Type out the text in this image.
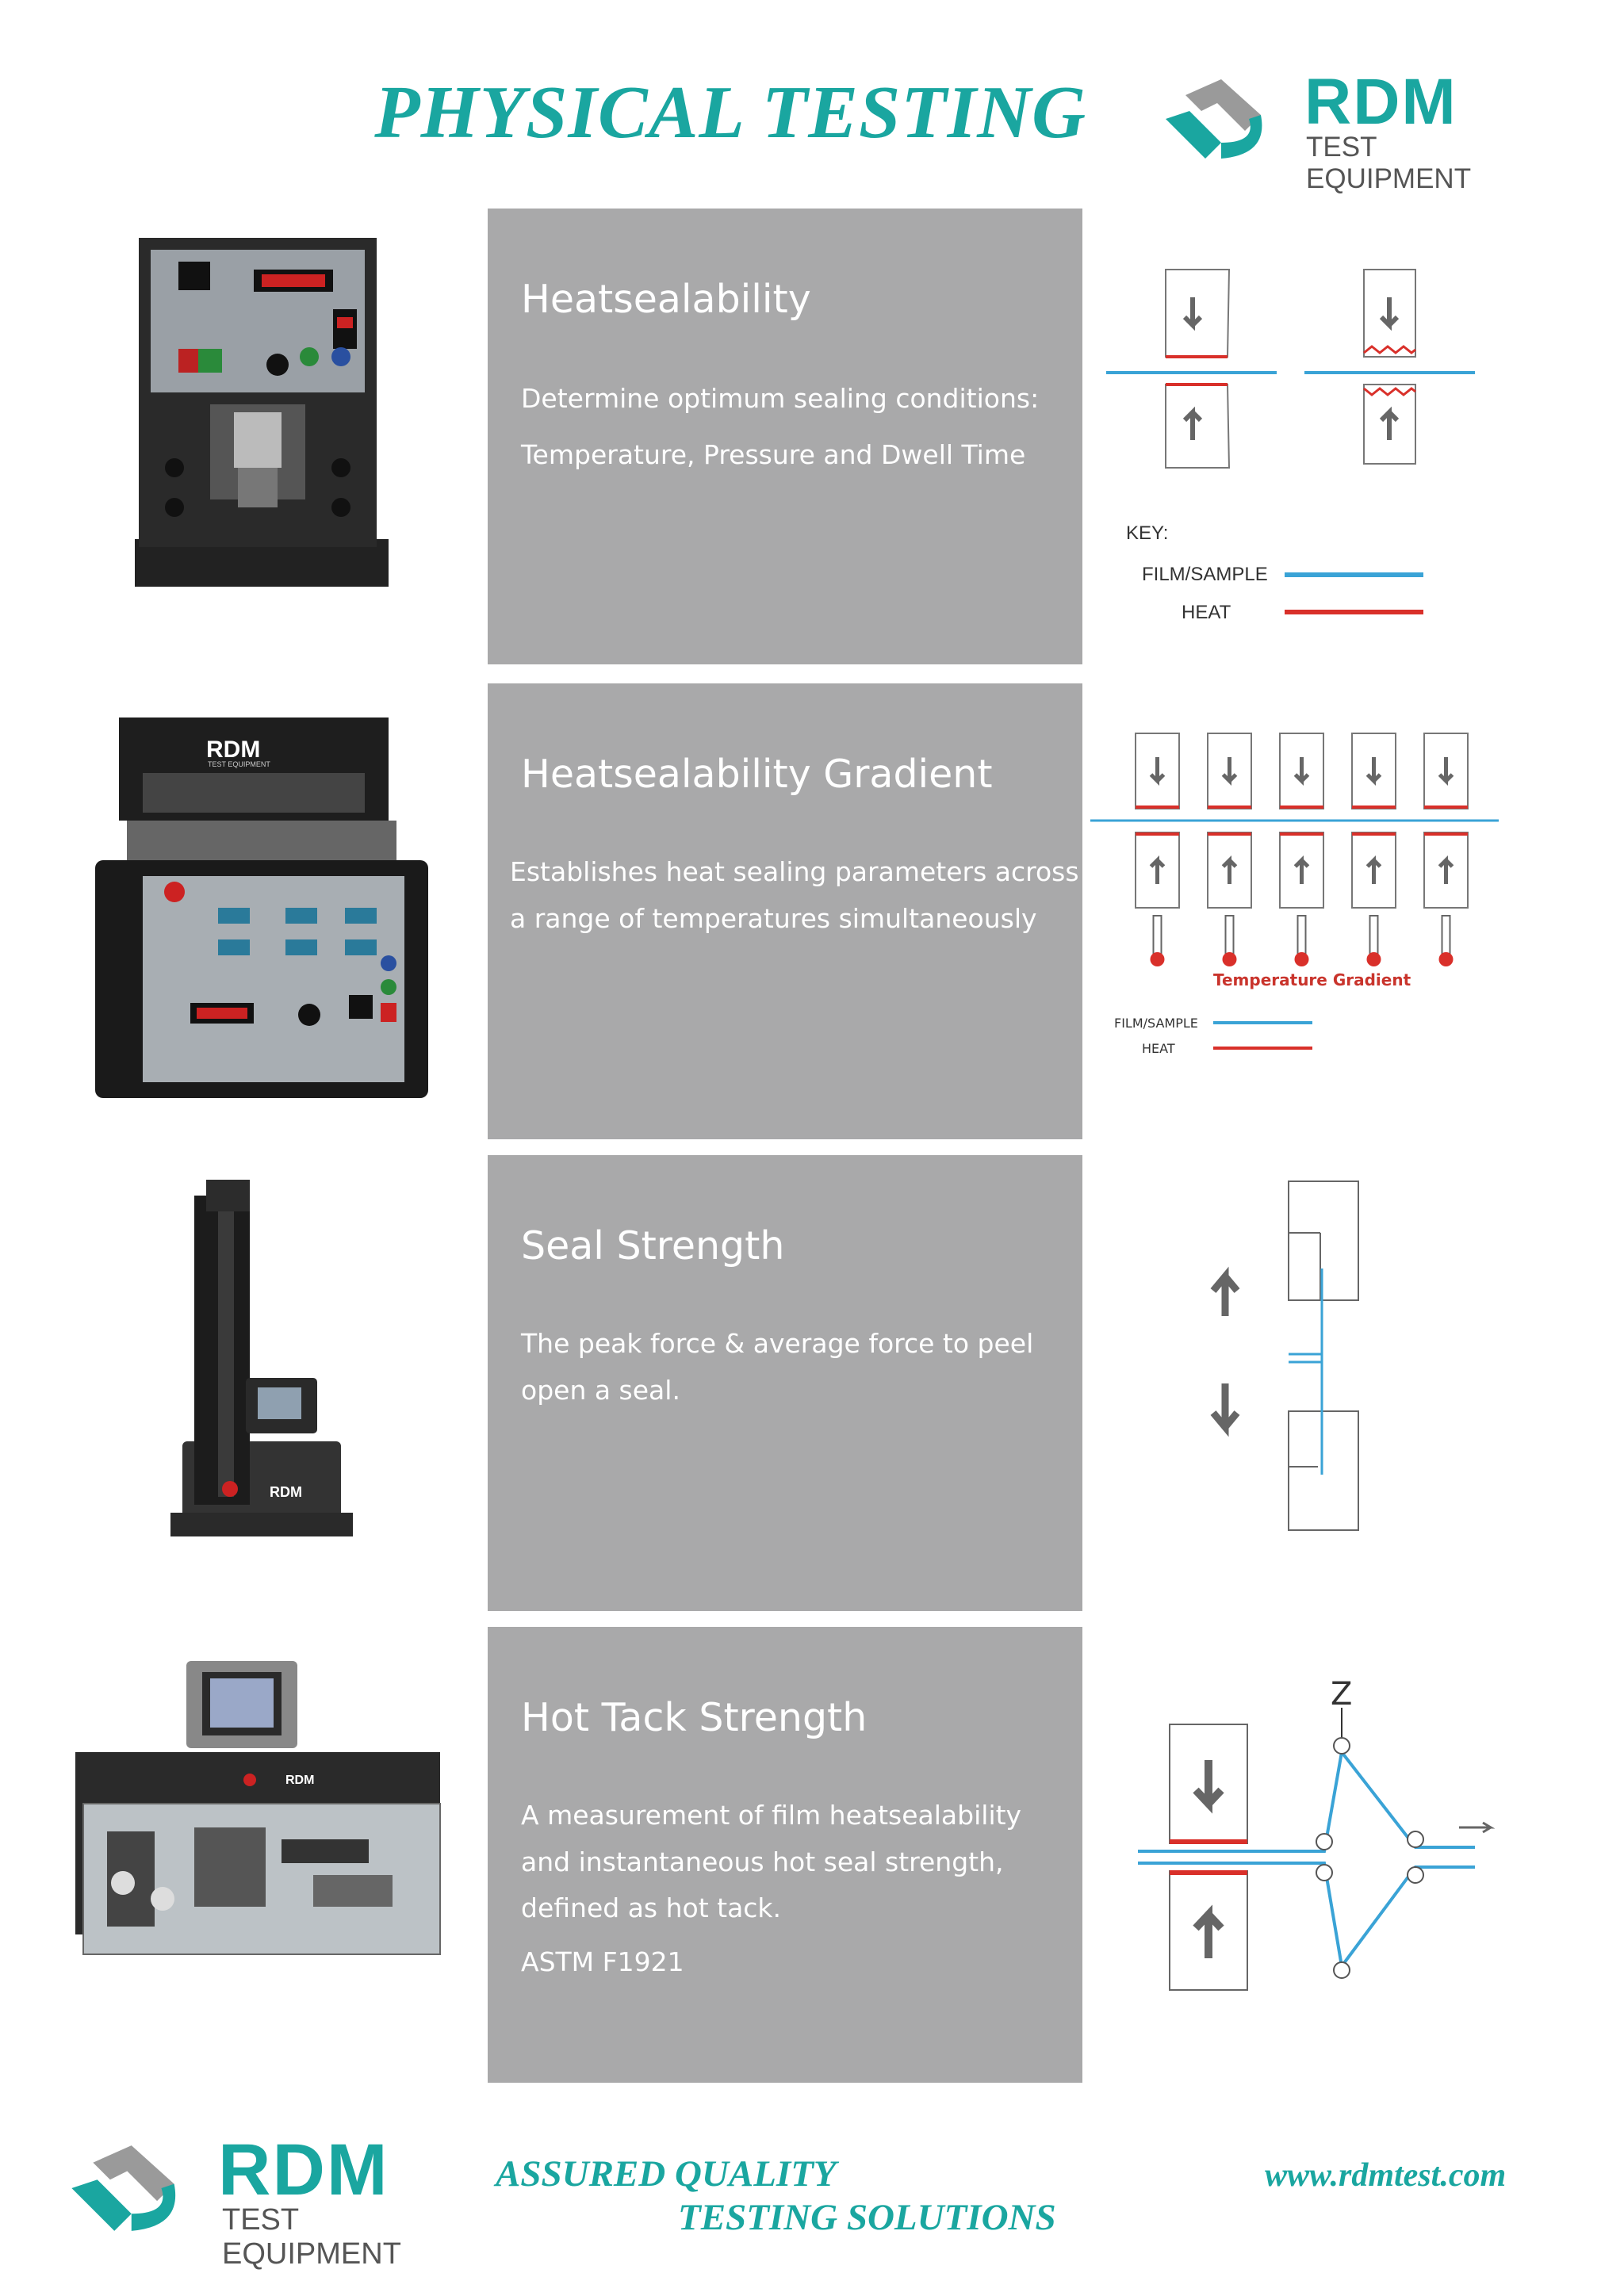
PHYSICAL TESTING	RDM
TEST EQUIPMENT
Heatsealability

Determine optimum sealing conditions:

Temperature, Pressure and Dwell Time

KEY:
FILM/SAMPLE
HEAT
RDM
TEST EQUIPMENT	Heatsealability Gradient

Establishes heat sealing parameters across

a range of temperatures simultaneously

Temperature Gradient
FILM/SAMPLE
HEAT
RDM
Seal Strength

The peak force & average force to peel

open a seal.

RDM
Hot Tack Strength

A measurement of film heatsealability

and instantaneous hot seal strength,

defined as hot tack.

ASTM F1921

Z
RDM
TEST EQUIPMENT
ASSURED QUALITY
TESTING SOLUTIONS
www.rdmtest.com
